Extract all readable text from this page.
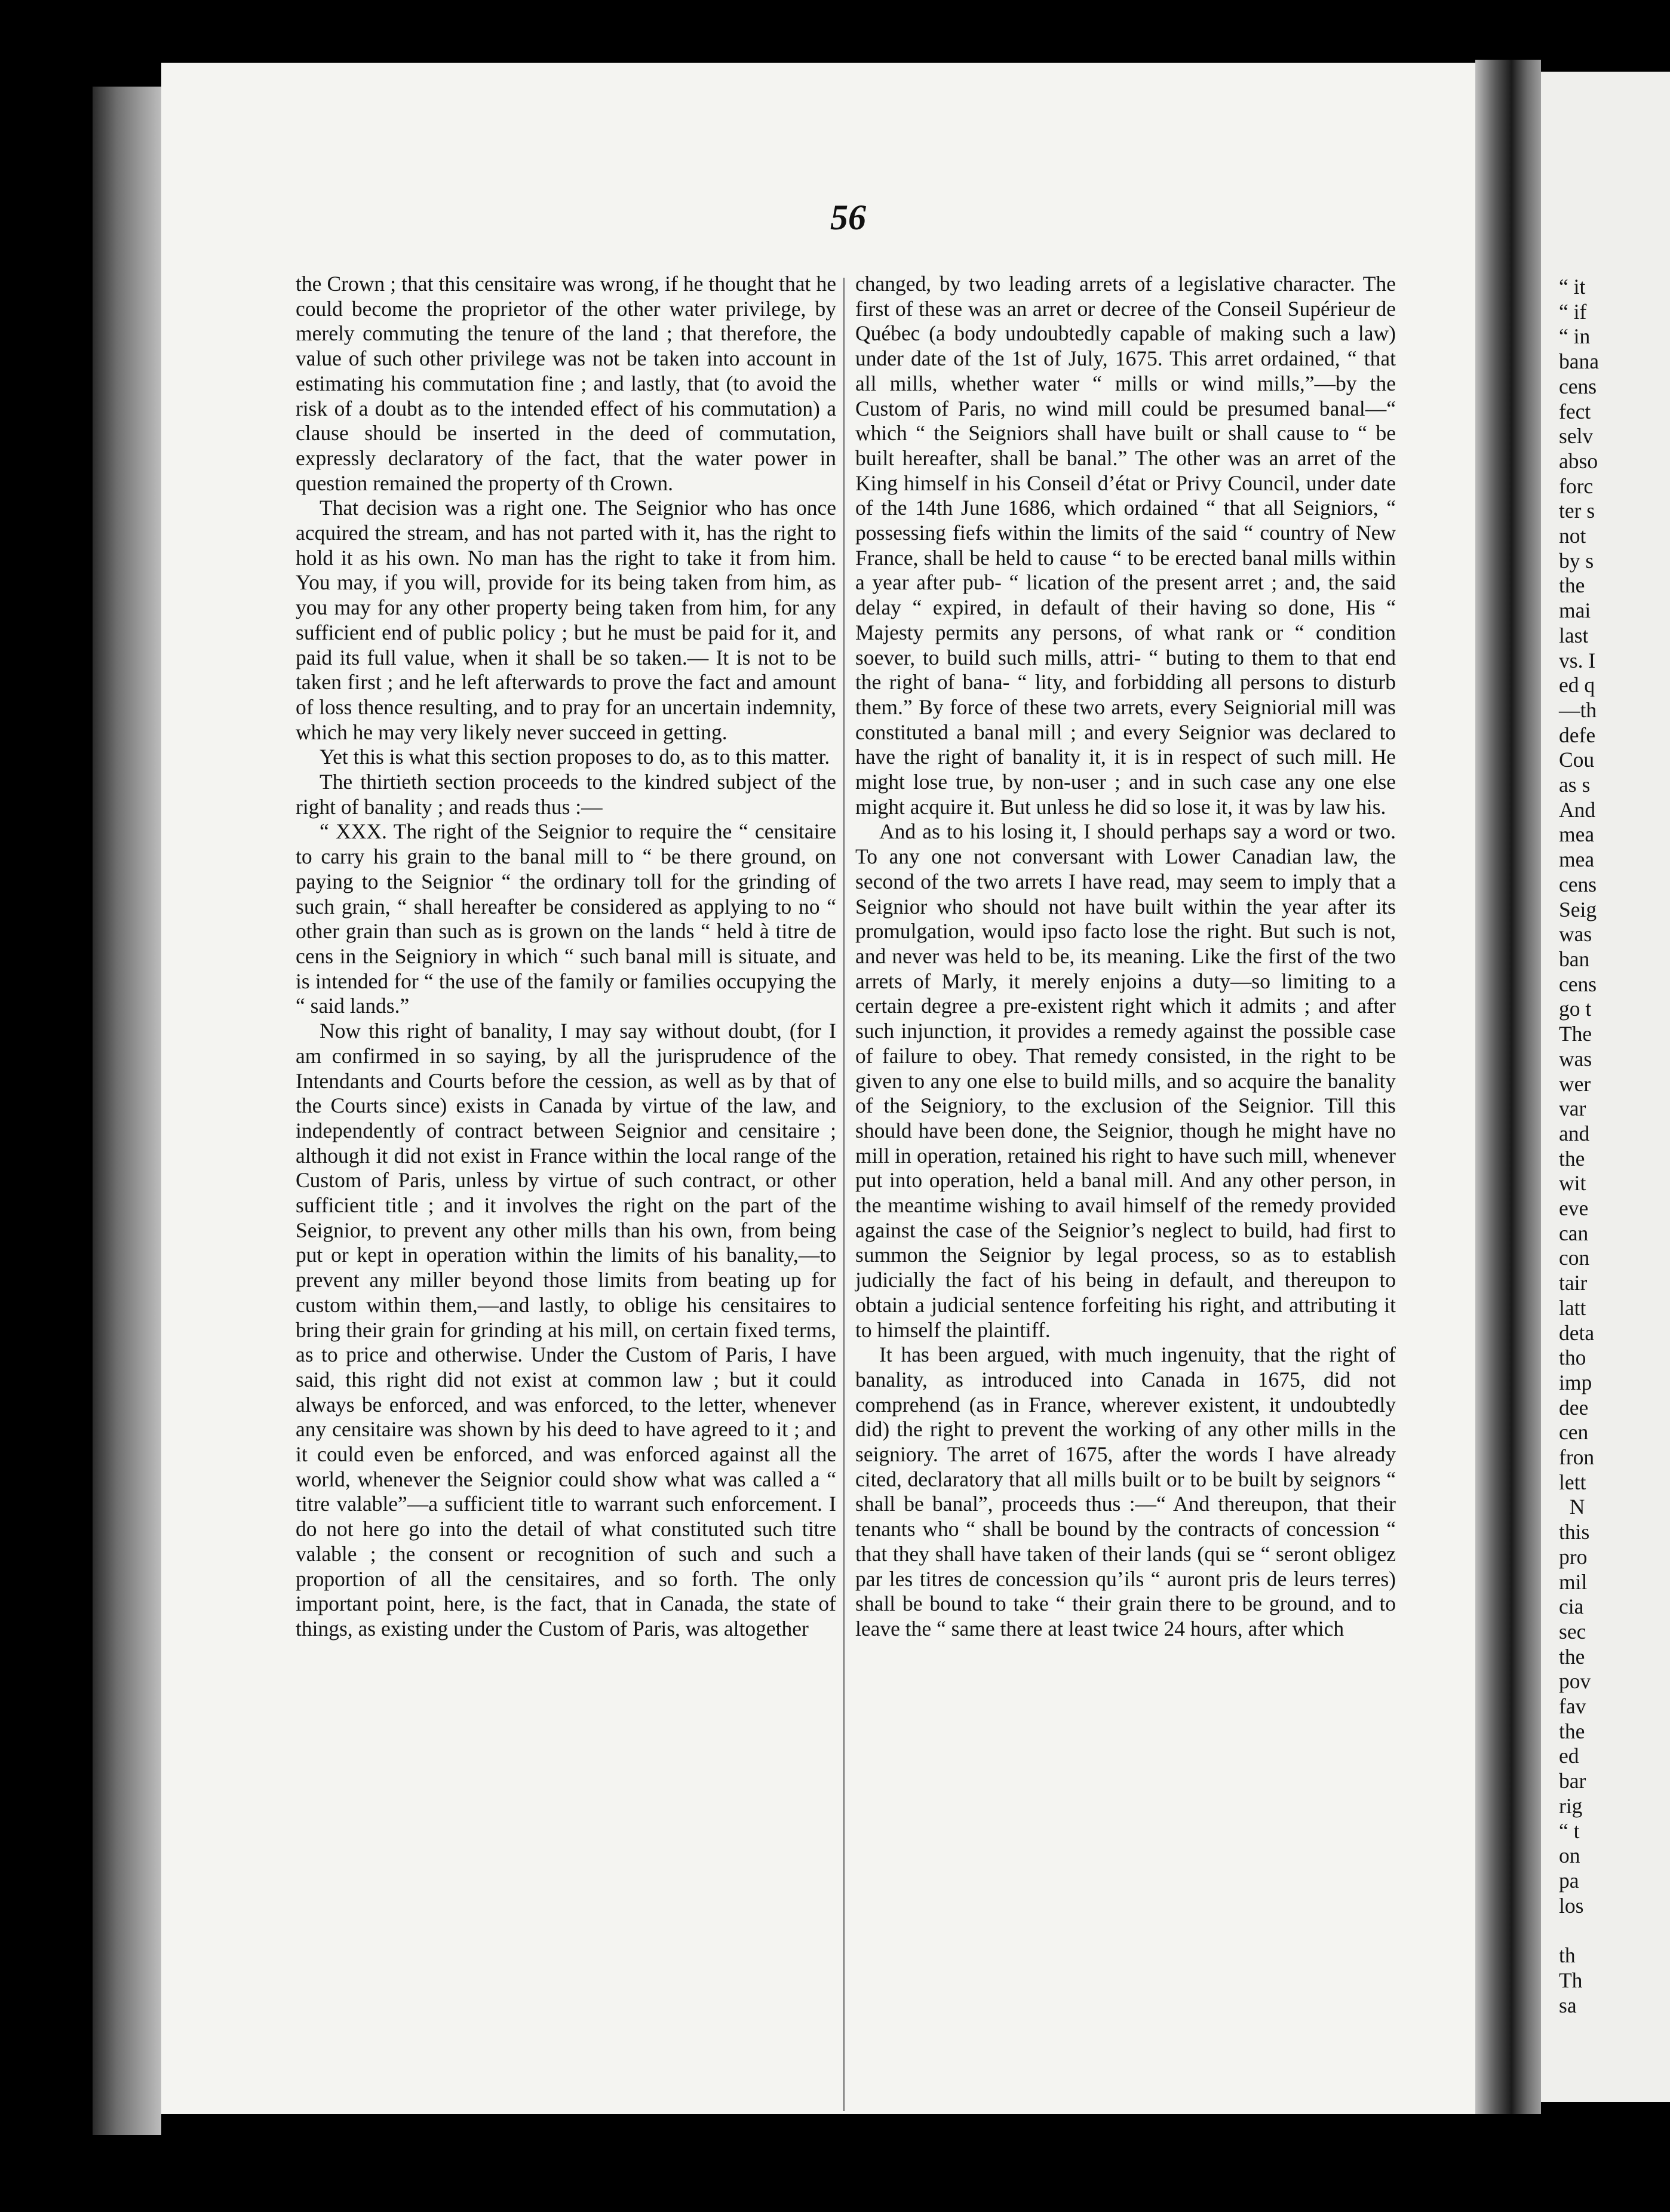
“ it
“ if
“ in
bana
cens
fect
selv
abso
forc
ter s
not
by s
the
mai
last
vs. I
ed q
—th
defe
Cou
as s
And
mea
mea
cens
Seig
was
ban
cens
go t
The
was
wer
var
and
the
wit
eve
can
con
tair
latt
deta
tho
imp
dee
cen
fron
lett
N
this
pro
mil
cia
sec
the
pov
fav
the
ed
bar
rig
“ t
on
pa
los

th
Th
sa
56

the Crown ; that this censitaire was wrong, if he thought that he could become the proprietor of the other water privilege, by merely commuting the tenure of the land ; that therefore, the value of such other privilege was not be taken into account in estimating his commutation fine ; and lastly, that (to avoid the risk of a doubt as to the intended effect of his commutation) a clause should be inserted in the deed of commutation, expressly declaratory of the fact, that the water power in question remained the property of th Crown.

That decision was a right one. The Seignior who has once acquired the stream, and has not parted with it, has the right to hold it as his own. No man has the right to take it from him. You may, if you will, provide for its being taken from him, as you may for any other property being taken from him, for any sufficient end of public policy ; but he must be paid for it, and paid its full value, when it shall be so taken.— It is not to be taken first ; and he left afterwards to prove the fact and amount of loss thence resulting, and to pray for an uncertain indemnity, which he may very likely never succeed in getting.

Yet this is what this section proposes to do, as to this matter.

The thirtieth section proceeds to the kindred subject of the right of banality ; and reads thus :—

“ XXX. The right of the Seignior to require the “ censitaire to carry his grain to the banal mill to “ be there ground, on paying to the Seignior “ the ordinary toll for the grinding of such grain, “ shall hereafter be considered as applying to no “ other grain than such as is grown on the lands “ held à titre de cens in the Seigniory in which “ such banal mill is situate, and is intended for “ the use of the family or families occupying the “ said lands.”

Now this right of banality, I may say without doubt, (for I am confirmed in so saying, by all the jurisprudence of the Intendants and Courts before the cession, as well as by that of the Courts since) exists in Canada by virtue of the law, and independently of contract between Seignior and censitaire ; although it did not exist in France within the local range of the Custom of Paris, unless by virtue of such contract, or other sufficient title ; and it involves the right on the part of the Seignior, to prevent any other mills than his own, from being put or kept in operation within the limits of his banality,—to prevent any miller beyond those limits from beating up for custom within them,—and lastly, to oblige his censitaires to bring their grain for grinding at his mill, on certain fixed terms, as to price and otherwise. Under the Custom of Paris, I have said, this right did not exist at common law ; but it could always be enforced, and was enforced, to the letter, whenever any censitaire was shown by his deed to have agreed to it ; and it could even be enforced, and was enforced against all the world, whenever the Seignior could show what was called a “ titre valable”—a sufficient title to warrant such enforcement. I do not here go into the detail of what constituted such titre valable ; the consent or recognition of such and such a proportion of all the censitaires, and so forth. The only important point, here, is the fact, that in Canada, the state of things, as existing under the Custom of Paris, was altogether

changed, by two leading arrets of a legislative character. The first of these was an arret or decree of the Conseil Supérieur de Québec (a body undoubtedly capable of making such a law) under date of the 1st of July, 1675. This arret ordained, “ that all mills, whether water “ mills or wind mills,”—by the Custom of Paris, no wind mill could be presumed banal—“ which “ the Seigniors shall have built or shall cause to “ be built hereafter, shall be banal.” The other was an arret of the King himself in his Conseil d’état or Privy Council, under date of the 14th June 1686, which ordained “ that all Seigniors, “ possessing fiefs within the limits of the said “ country of New France, shall be held to cause “ to be erected banal mills within a year after pub- “ lication of the present arret ; and, the said delay “ expired, in default of their having so done, His “ Majesty permits any persons, of what rank or “ condition soever, to build such mills, attri- “ buting to them to that end the right of bana- “ lity, and forbidding all persons to disturb them.” By force of these two arrets, every Seigniorial mill was constituted a banal mill ; and every Seignior was declared to have the right of banality it, it is in respect of such mill. He might lose true, by non-user ; and in such case any one else might acquire it. But unless he did so lose it, it was by law his.

And as to his losing it, I should perhaps say a word or two. To any one not conversant with Lower Canadian law, the second of the two arrets I have read, may seem to imply that a Seignior who should not have built within the year after its promulgation, would ipso facto lose the right. But such is not, and never was held to be, its meaning. Like the first of the two arrets of Marly, it merely enjoins a duty—so limiting to a certain degree a pre-existent right which it admits ; and after such injunction, it provides a remedy against the possible case of failure to obey. That remedy consisted, in the right to be given to any one else to build mills, and so acquire the banality of the Seigniory, to the exclusion of the Seignior. Till this should have been done, the Seignior, though he might have no mill in operation, retained his right to have such mill, whenever put into operation, held a banal mill. And any other person, in the meantime wishing to avail himself of the remedy provided against the case of the Seignior’s neglect to build, had first to summon the Seignior by legal process, so as to establish judicially the fact of his being in default, and thereupon to obtain a judicial sentence forfeiting his right, and attributing it to himself the plaintiff.

It has been argued, with much ingenuity, that the right of banality, as introduced into Canada in 1675, did not comprehend (as in France, wherever existent, it undoubtedly did) the right to prevent the working of any other mills in the seigniory. The arret of 1675, after the words I have already cited, declaratory that all mills built or to be built by seignors “ shall be banal”, proceeds thus :—“ And thereupon, that their tenants who “ shall be bound by the contracts of concession “ that they shall have taken of their lands (qui se “ seront obligez par les titres de concession qu’ils “ auront pris de leurs terres) shall be bound to take “ their grain there to be ground, and to leave the “ same there at least twice 24 hours, after which
